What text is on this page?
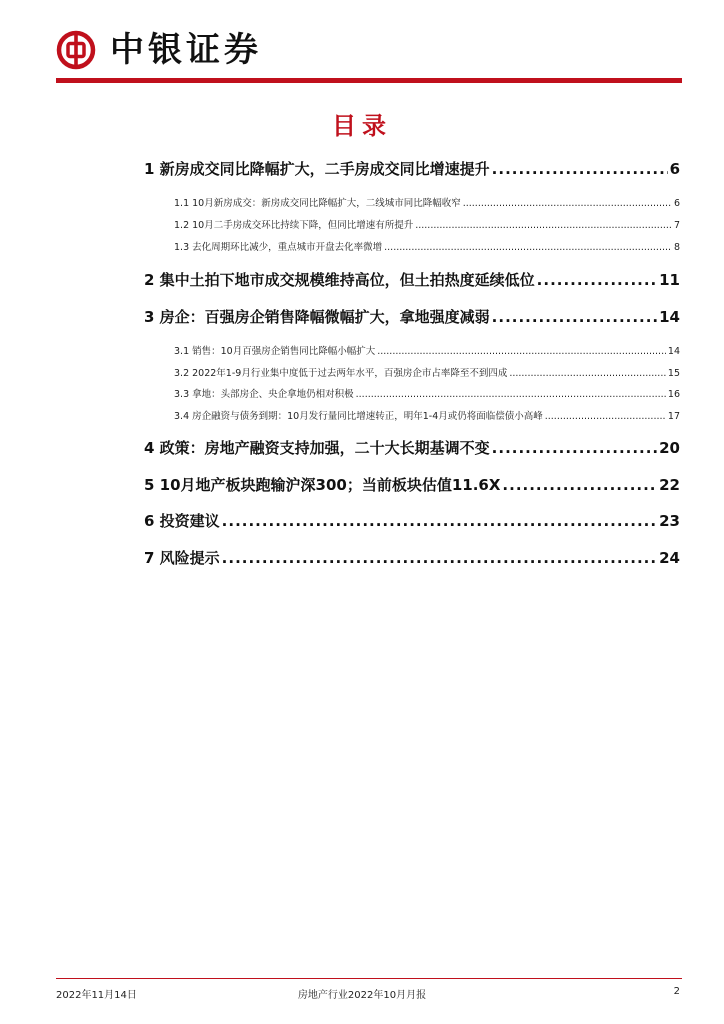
中银证券
目录
1 新房成交同比降幅扩大，二手房成交同比增速提升 .....	6
1.1 10月新房成交：新房成交同比降幅扩大，二线城市同比降幅收窄 .....	6
1.2 10月二手房成交环比持续下降，但同比增速有所提升 .....	7
1.3 去化周期环比减少，重点城市开盘去化率微增 .....	8
2 集中土拍下地市成交规模维持高位，但土拍热度延续低位 .....	11
3 房企：百强房企销售降幅微幅扩大，拿地强度减弱 .....	14
3.1 销售：10月百强房企销售同比降幅小幅扩大 .....	14
3.2 2022年1-9月行业集中度低于过去两年水平，百强房企市占率降至不到四成 .....	15
3.3 拿地：头部房企、央企拿地仍相对积极 .....	16
3.4 房企融资与债务到期：10月发行量同比增速转正，明年1-4月或仍将面临偿债小高峰 .....	17
4 政策：房地产融资支持加强，二十大长期基调不变 .....	20
5 10月地产板块跑输沪深300；当前板块估值11.6X .....	22
6 投资建议 .....	23
7 风险提示 .....	24
2022年11月14日	房地产行业2022年10月月报	2
